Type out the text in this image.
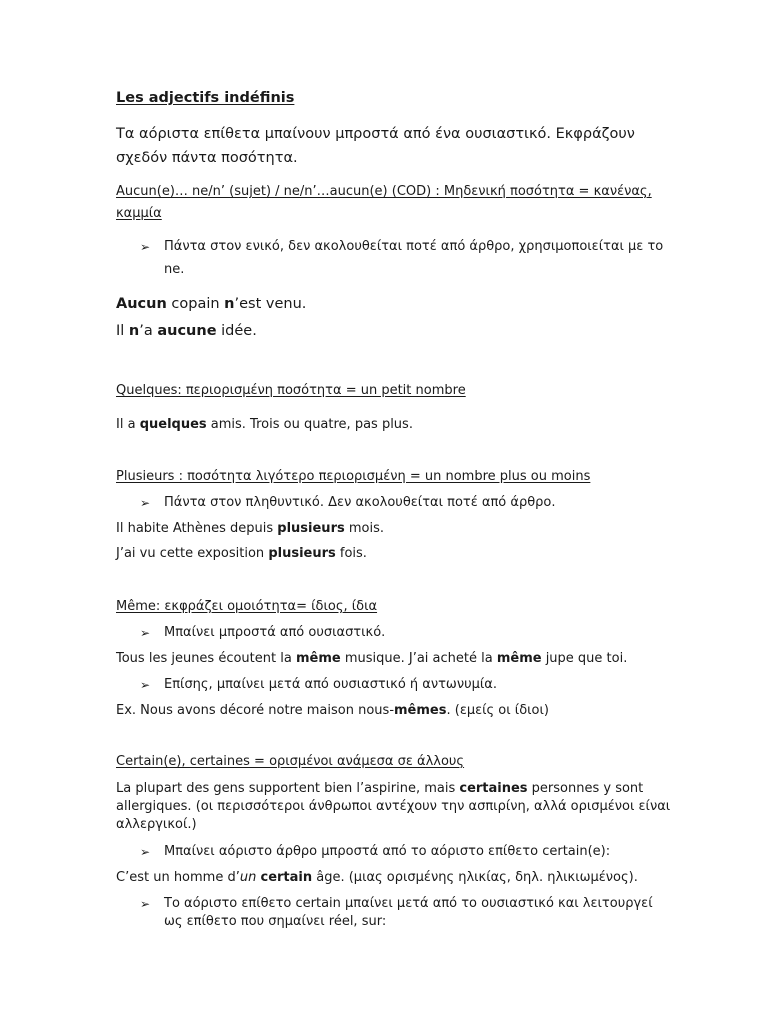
Les adjectifs indéfinis
Τα αόριστα επίθετα μπαίνουν μπροστά από ένα ουσιαστικό. Εκφράζουν
σχεδόν πάντα ποσότητα.
Aucun(e)… ne/n’ (sujet) / ne/n’…aucun(e) (COD) : Μηδενική ποσότητα = κανένας,
καμμία
➢ Πάντα στον ενικό, δεν ακολουθείται ποτέ από άρθρο, χρησιμοποιείται με το
ne.
Aucun copain n’est venu.
Il n’a aucune idée.
Quelques: περιορισμένη ποσότητα = un petit nombre
Il a quelques amis. Trois ou quatre, pas plus.
Plusieurs : ποσότητα λιγότερο περιορισμένη = un nombre plus ou moins
➢ Πάντα στον πληθυντικό. Δεν ακολουθείται ποτέ από άρθρο.
Il habite Athènes depuis plusieurs mois.
J’ai vu cette exposition plusieurs fois.
Même: εκφράζει ομοιότητα= ίδιος, ίδια
➢ Μπαίνει μπροστά από ουσιαστικό.
Tous les jeunes écoutent la même musique. J’ai acheté la même jupe que toi.
➢ Επίσης, μπαίνει μετά από ουσιαστικό ή αντωνυμία.
Ex. Nous avons décoré notre maison nous-mêmes. (εμείς οι ίδιοι)
Certain(e), certaines = ορισμένοι ανάμεσα σε άλλους
La plupart des gens supportent bien l’aspirine, mais certaines personnes y sont
allergiques. (οι περισσότεροι άνθρωποι αντέχουν την ασπιρίνη, αλλά ορισμένοι είναι
αλλεργικοί.)
➢ Μπαίνει αόριστο άρθρο μπροστά από το αόριστο επίθετο certain(e):
C’est un homme d’un certain âge. (μιας ορισμένης ηλικίας, δηλ. ηλικιωμένος).
➢ Το αόριστο επίθετο certain μπαίνει μετά από το ουσιαστικό και λειτουργεί
ως επίθετο που σημαίνει réel, sur:
